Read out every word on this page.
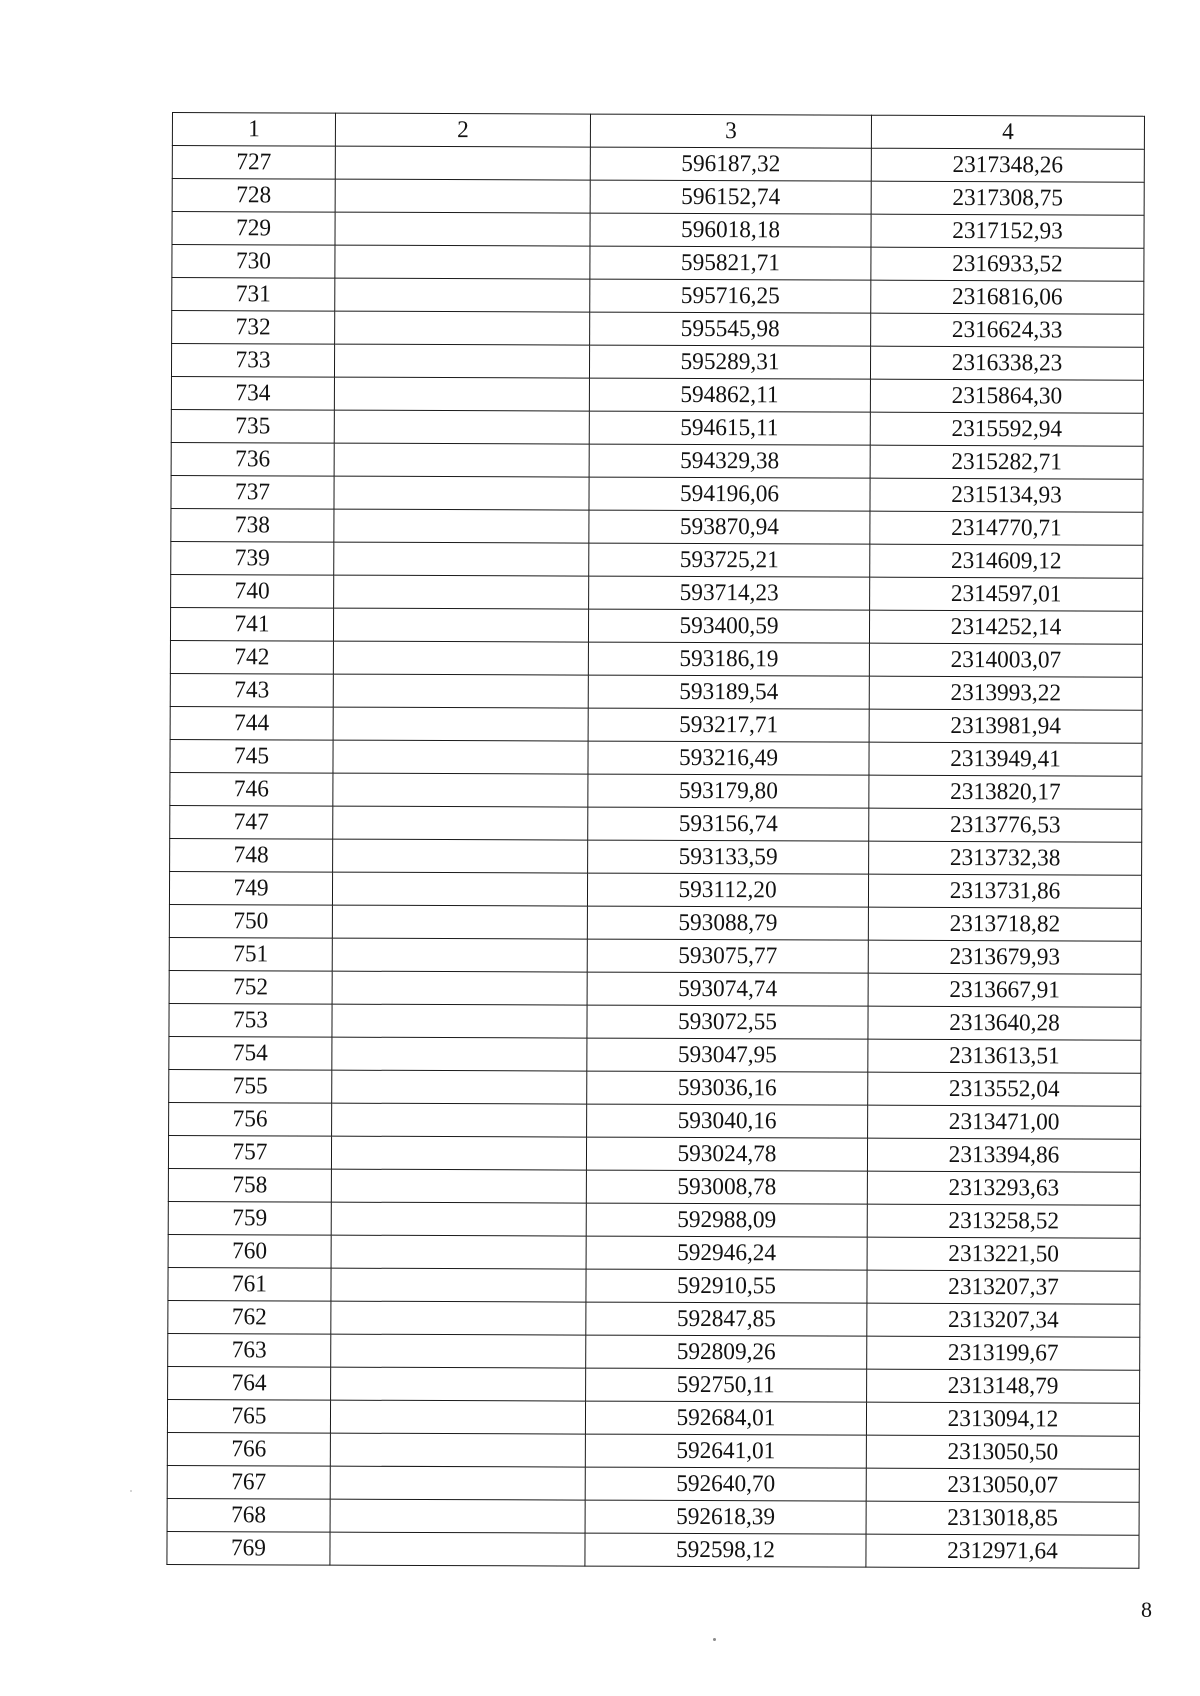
1	2	3	4
727		596187,32	2317348,26
728		596152,74	2317308,75
729		596018,18	2317152,93
730		595821,71	2316933,52
731		595716,25	2316816,06
732		595545,98	2316624,33
733		595289,31	2316338,23
734		594862,11	2315864,30
735		594615,11	2315592,94
736		594329,38	2315282,71
737		594196,06	2315134,93
738		593870,94	2314770,71
739		593725,21	2314609,12
740		593714,23	2314597,01
741		593400,59	2314252,14
742		593186,19	2314003,07
743		593189,54	2313993,22
744		593217,71	2313981,94
745		593216,49	2313949,41
746		593179,80	2313820,17
747		593156,74	2313776,53
748		593133,59	2313732,38
749		593112,20	2313731,86
750		593088,79	2313718,82
751		593075,77	2313679,93
752		593074,74	2313667,91
753		593072,55	2313640,28
754		593047,95	2313613,51
755		593036,16	2313552,04
756		593040,16	2313471,00
757		593024,78	2313394,86
758		593008,78	2313293,63
759		592988,09	2313258,52
760		592946,24	2313221,50
761		592910,55	2313207,37
762		592847,85	2313207,34
763		592809,26	2313199,67
764		592750,11	2313148,79
765		592684,01	2313094,12
766		592641,01	2313050,50
767		592640,70	2313050,07
768		592618,39	2313018,85
769		592598,12	2312971,64
8
